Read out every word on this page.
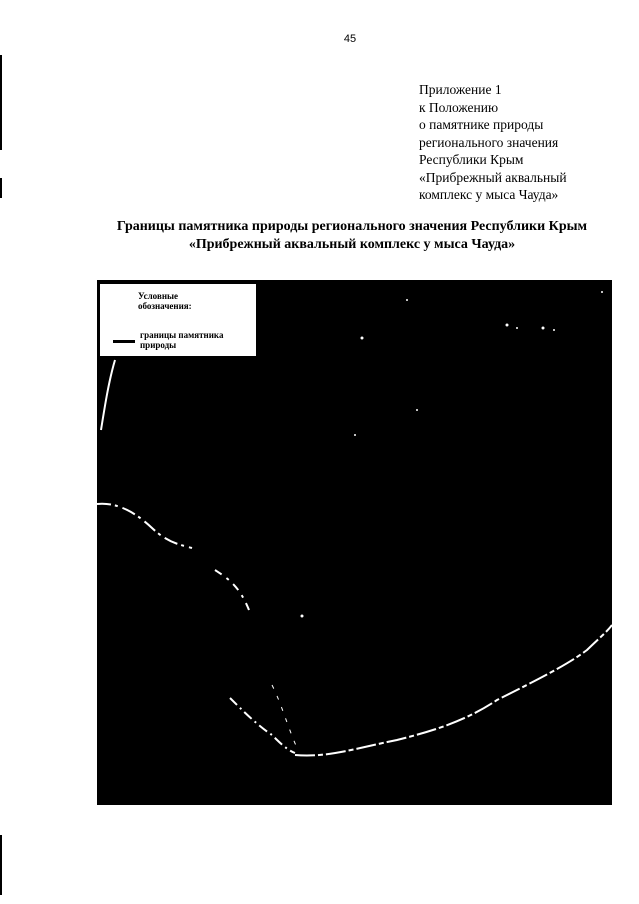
45
Приложение 1
к Положению
о памятнике природы
регионального значения
Республики Крым
«Прибрежный аквальный
комплекс у мыса Чауда»
Границы памятника природы регионального значения Республики Крым
«Прибрежный аквальный комплекс у мыса Чауда»
Условные
обозначения:
границы памятника
природы
